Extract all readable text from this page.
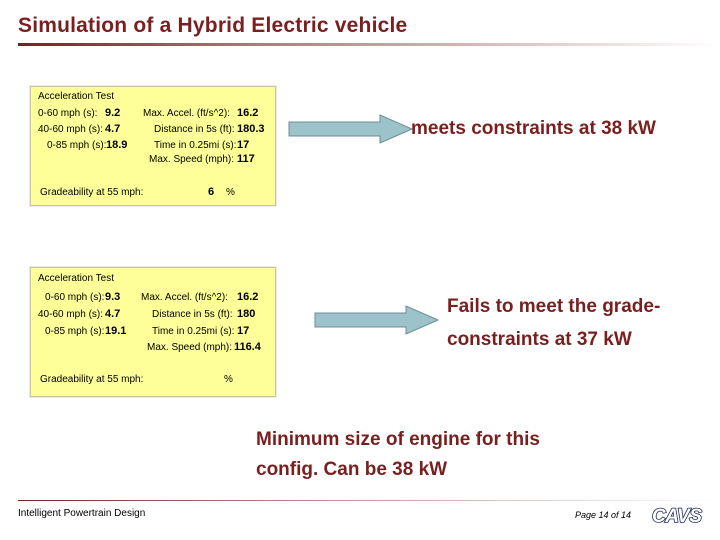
Simulation of a Hybrid Electric vehicle
Acceleration Test
0-60 mph (s): 9.2
40-60 mph (s): 4.7
0-85 mph (s): 18.9
Max. Accel. (ft/s^2): 16.2
Distance in 5s (ft): 180.3
Time in 0.25mi (s): 17
Max. Speed (mph): 117
Gradeability at 55 mph:	6 %
Acceleration Test
0-60 mph (s): 9.3
40-60 mph (s): 4.7
0-85 mph (s): 19.1
Max. Accel. (ft/s^2): 16.2
Distance in 5s (ft): 180
Time in 0.25mi (s): 17
Max. Speed (mph): 116.4
Gradeability at 55 mph:	%
meets constraints at 38 kW
Fails to meet the grade-
constraints at 37 kW
Minimum size of engine for this
config. Can be 38 kW
Intelligent Powertrain Design	Page 14 of 14 CAVS
